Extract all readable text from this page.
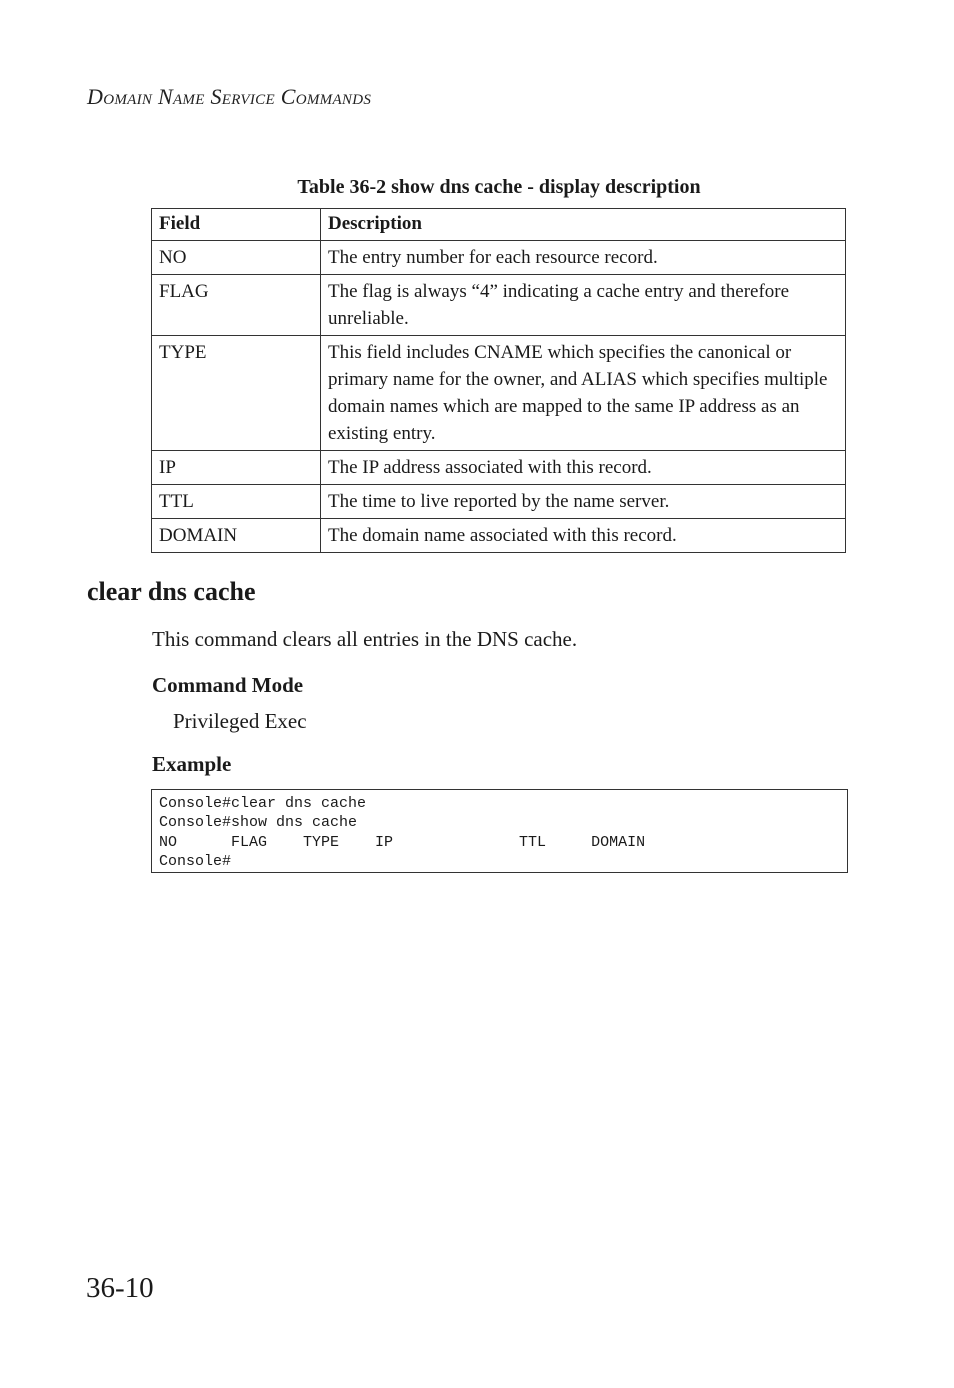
Domain Name Service Commands
Table 36-2 show dns cache - display description
Field	Description
NO	The entry number for each resource record.
FLAG	The flag is always “4” indicating a cache entry and therefore unreliable.
TYPE	This field includes CNAME which specifies the canonical or primary name for the owner, and ALIAS which specifies multiple domain names which are mapped to the same IP address as an existing entry.
IP	The IP address associated with this record.
TTL	The time to live reported by the name server.
DOMAIN	The domain name associated with this record.
clear dns cache
This command clears all entries in the DNS cache.
Command Mode
Privileged Exec
Example
Console#clear dns cache
Console#show dns cache
NO      FLAG    TYPE    IP              TTL     DOMAIN
Console#
36-10
